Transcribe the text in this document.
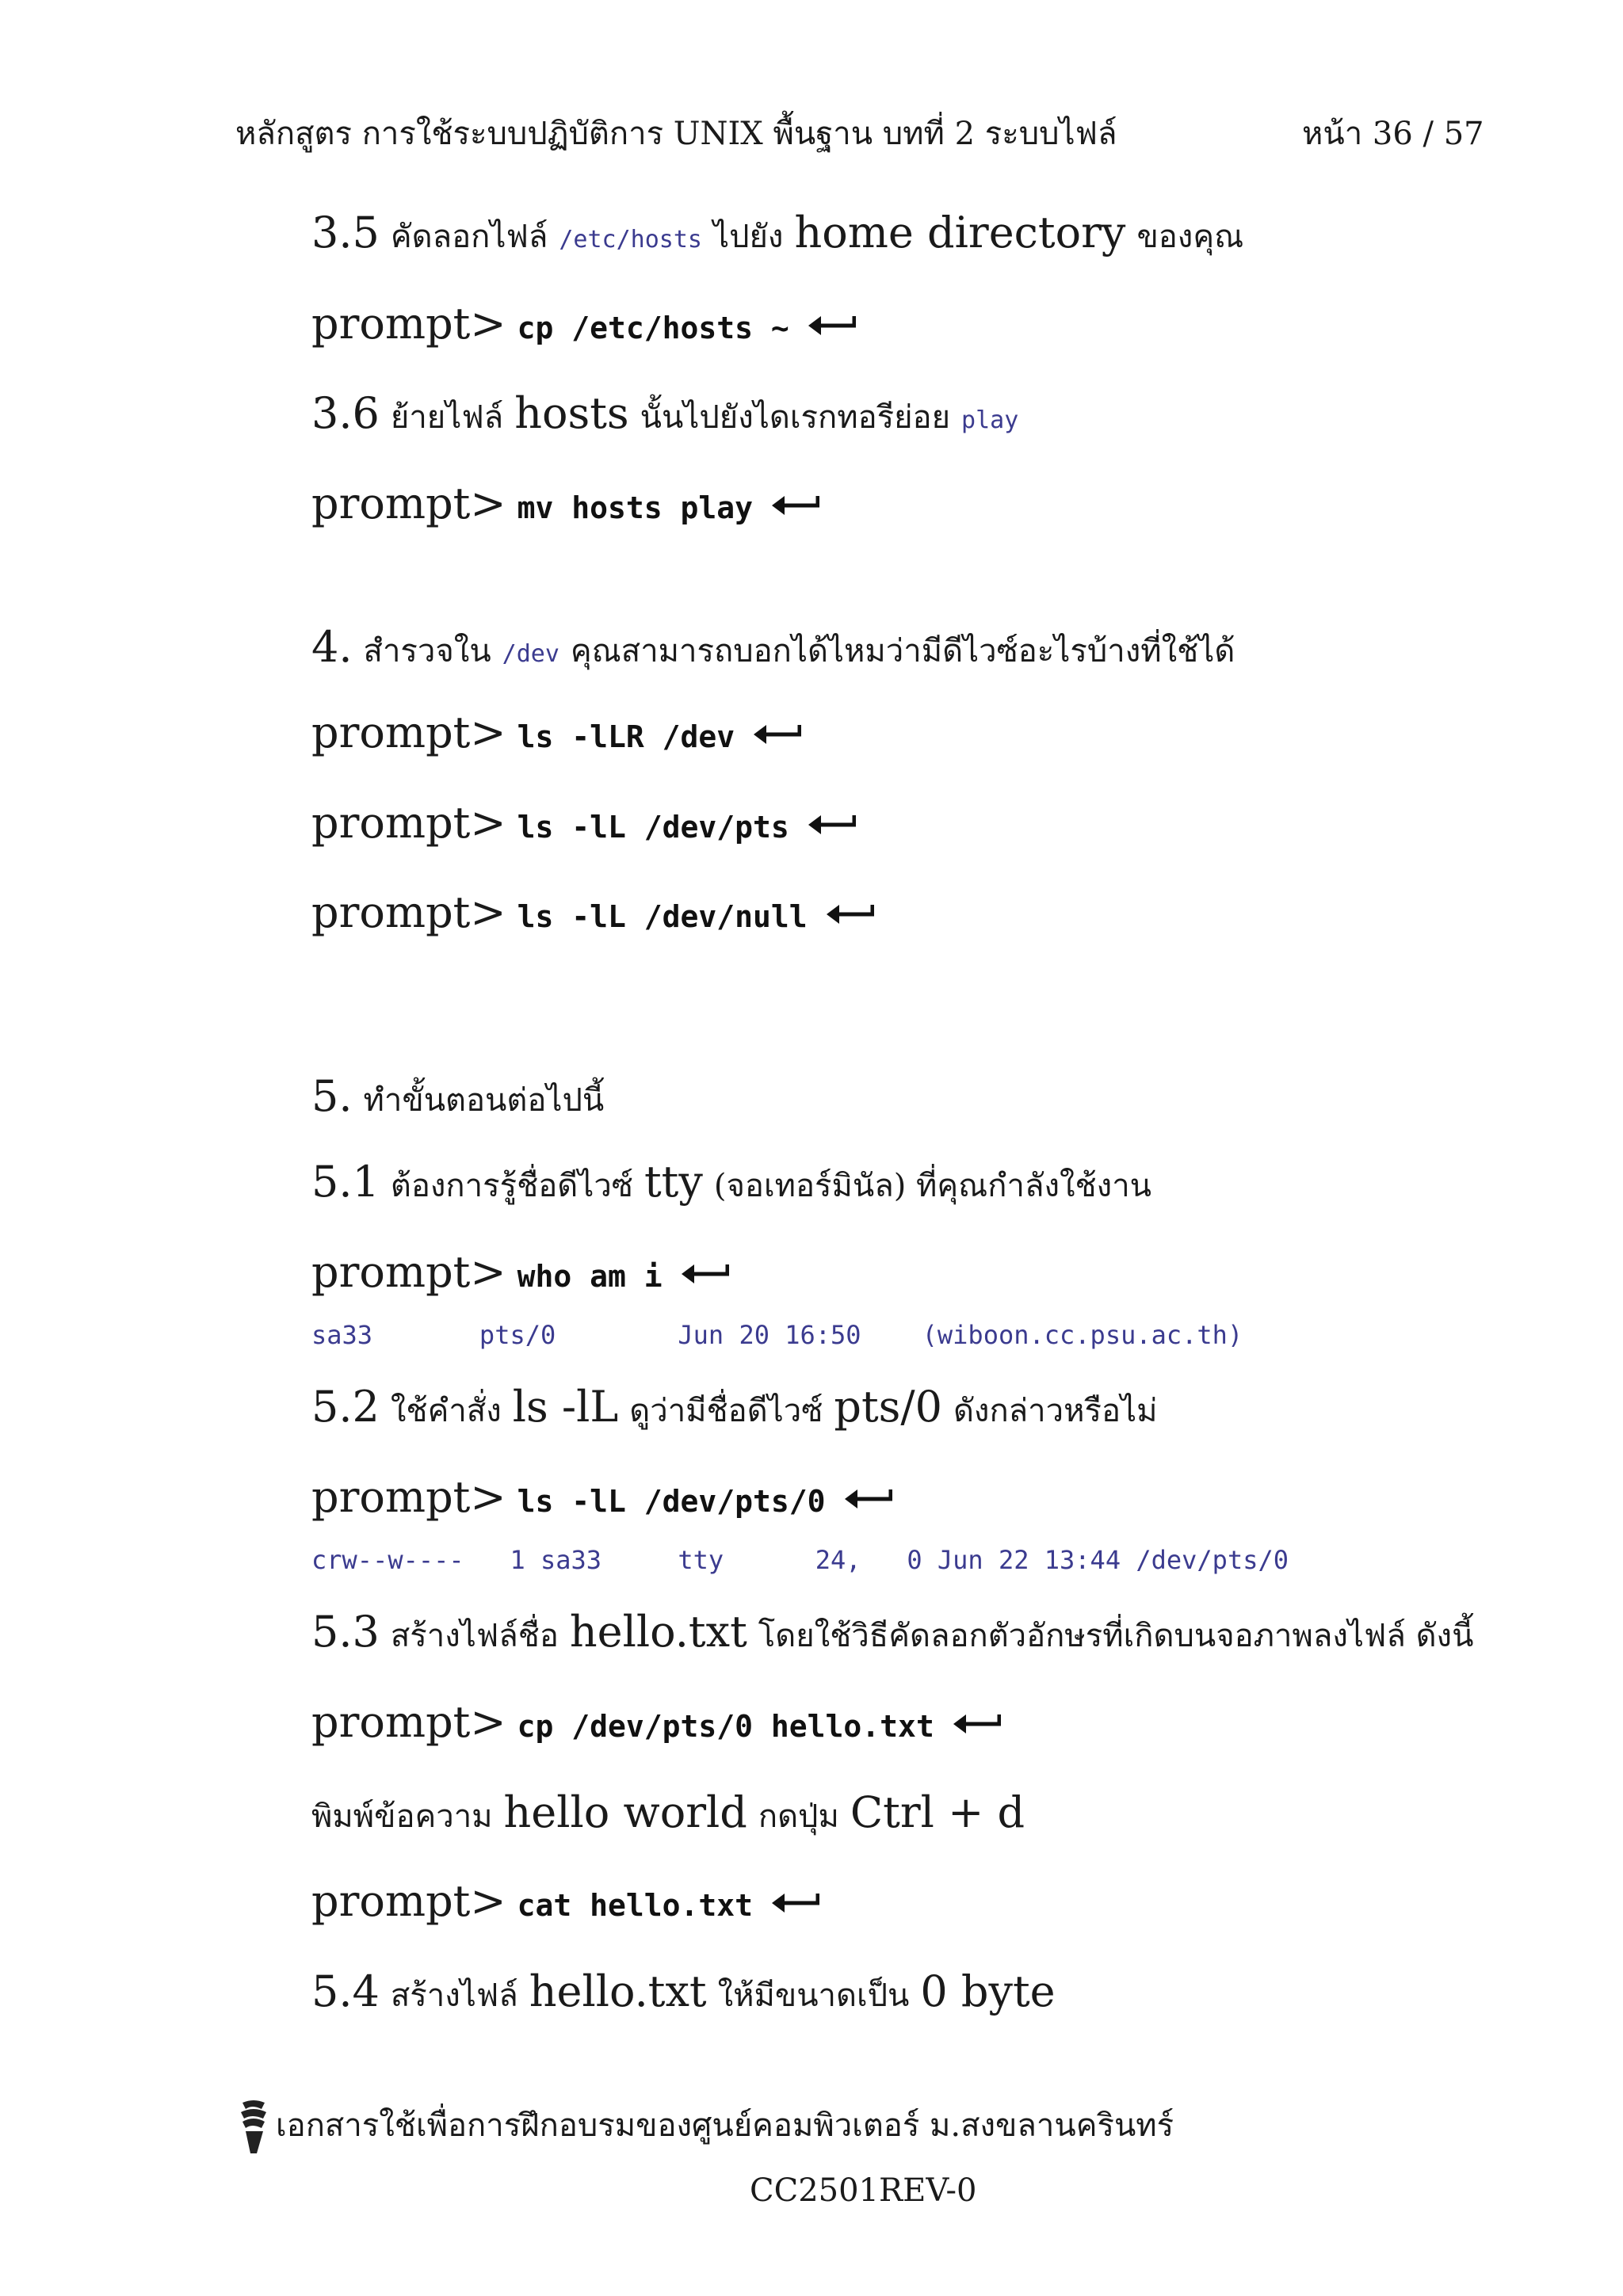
หลักสูตร การใช้ระบบปฏิบัติการ UNIX พื้นฐาน บทที่ 2 ระบบไฟล์	หน้า 36 / 57
3.5 คัดลอกไฟล์ /etc/hosts ไปยัง home directory ของคุณ
prompt> cp /etc/hosts ~
3.6 ย้ายไฟล์ hosts นั้นไปยังไดเรกทอรีย่อย play
prompt> mv hosts play
4. สำรวจใน /dev คุณสามารถบอกได้ไหมว่ามีดีไวซ์อะไรบ้างที่ใช้ได้
prompt> ls -lLR /dev
prompt> ls -lL /dev/pts
prompt> ls -lL /dev/null
5. ทำขั้นตอนต่อไปนี้
5.1 ต้องการรู้ชื่อดีไวซ์ tty (จอเทอร์มินัล) ที่คุณกำลังใช้งาน
prompt> who am i
sa33       pts/0        Jun 20 16:50    (wiboon.cc.psu.ac.th)
5.2 ใช้คำสั่ง ls -lL ดูว่ามีชื่อดีไวซ์ pts/0 ดังกล่าวหรือไม่
prompt> ls -lL /dev/pts/0
crw--w----   1 sa33     tty      24,   0 Jun 22 13:44 /dev/pts/0
5.3 สร้างไฟล์ชื่อ hello.txt โดยใช้วิธีคัดลอกตัวอักษรที่เกิดบนจอภาพลงไฟล์ ดังนี้
prompt> cp /dev/pts/0 hello.txt
พิมพ์ข้อความ hello world กดปุ่ม Ctrl + d
prompt> cat hello.txt
5.4 สร้างไฟล์ hello.txt ให้มีขนาดเป็น 0 byte
เอกสารใช้เพื่อการฝึกอบรมของศูนย์คอมพิวเตอร์ ม.สงขลานครินทร์
CC2501REV-0
